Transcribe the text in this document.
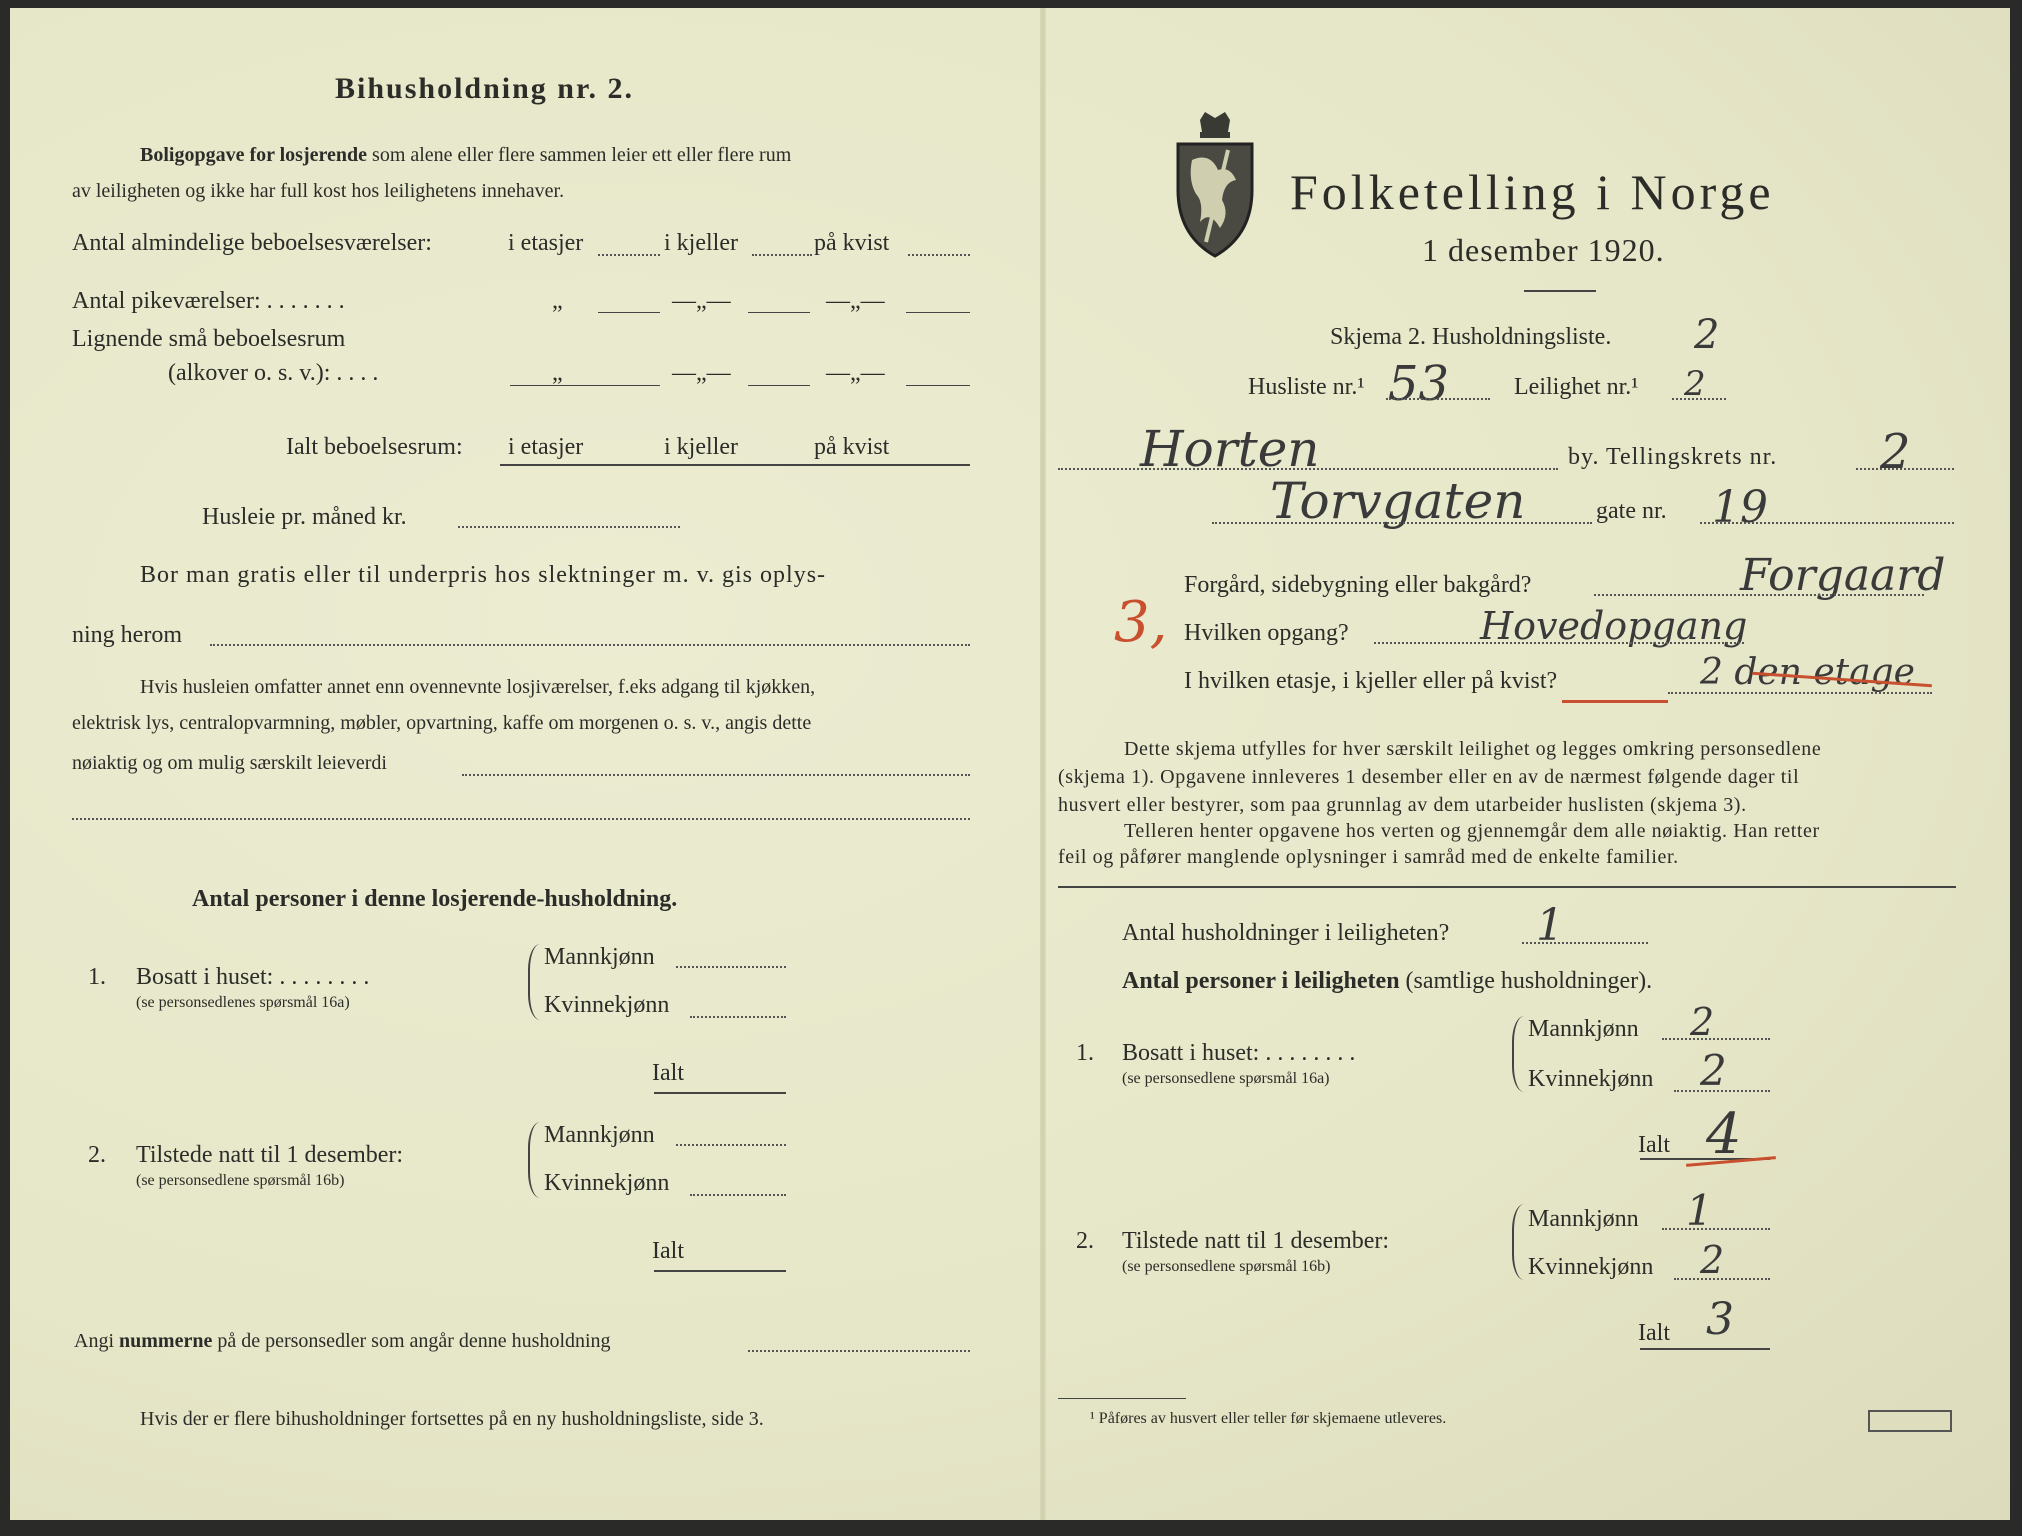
Bihusholdning nr. 2.
Boligopgave for losjerende som alene eller flere sammen leier ett eller flere rum
av leiligheten og ikke har full kost hos leilighetens innehaver.
Antal almindelige beboelsesværelser:	i etasjer	i kjeller	på kvist
Antal pikeværelser: . . . . . . .	„	—„—	—„—
Lignende små beboelsesrum
(alkover o. s. v.): . . . .	„	—„—	—„—
Ialt beboelsesrum: i etasjer	i kjeller	på kvist
Husleie pr. måned kr.
Bor man gratis eller til underpris hos slektninger m. v. gis oplys-
ning herom
Hvis husleien omfatter annet enn ovennevnte losjiværelser, f.eks adgang til kjøkken,
elektrisk lys, centralopvarmning, møbler, opvartning, kaffe om morgenen o. s. v., angis dette
nøiaktig og om mulig særskilt leieverdi
Antal personer i denne losjerende-husholdning.
1. Bosatt i huset: . . . . . . . .
(se personsedlenes spørsmål 16a)
Mannkjønn
Kvinnekjønn
Ialt
2. Tilstede natt til 1 desember:
(se personsedlene spørsmål 16b)
Mannkjønn
Kvinnekjønn
Ialt
Angi nummerne på de personsedler som angår denne husholdning
Hvis der er flere bihusholdninger fortsettes på en ny husholdningsliste, side 3.
Folketelling i Norge
1 desember 1920.
Skjema 2. Husholdningsliste. 2
Husliste nr.¹ 53	Leilighet nr.¹ 2
Horten	by. Tellingskrets nr. 2
Torvgaten	gate nr. 19
Forgård, sidebygning eller bakgård?	Forgaard
3, Hvilken opgang?	Hovedopgang
I hvilken etasje, i kjeller eller på kvist?	2 den etage
Dette skjema utfylles for hver særskilt leilighet og legges omkring personsedlene
(skjema 1). Opgavene innleveres 1 desember eller en av de nærmest følgende dager til
husvert eller bestyrer, som paa grunnlag av dem utarbeider huslisten (skjema 3).
Telleren henter opgavene hos verten og gjennemgår dem alle nøiaktig. Han retter
feil og påfører manglende oplysninger i samråd med de enkelte familier.
Antal husholdninger i leiligheten? 1
Antal personer i leiligheten (samtlige husholdninger).
1. Bosatt i huset: . . . . . . . .
(se personsedlene spørsmål 16a)
Mannkjønn 2
Kvinnekjønn 2
Ialt 4
2. Tilstede natt til 1 desember:
(se personsedlene spørsmål 16b)
Mannkjønn 1
Kvinnekjønn 2
Ialt 3
¹ Påføres av husvert eller teller før skjemaene utleveres.
